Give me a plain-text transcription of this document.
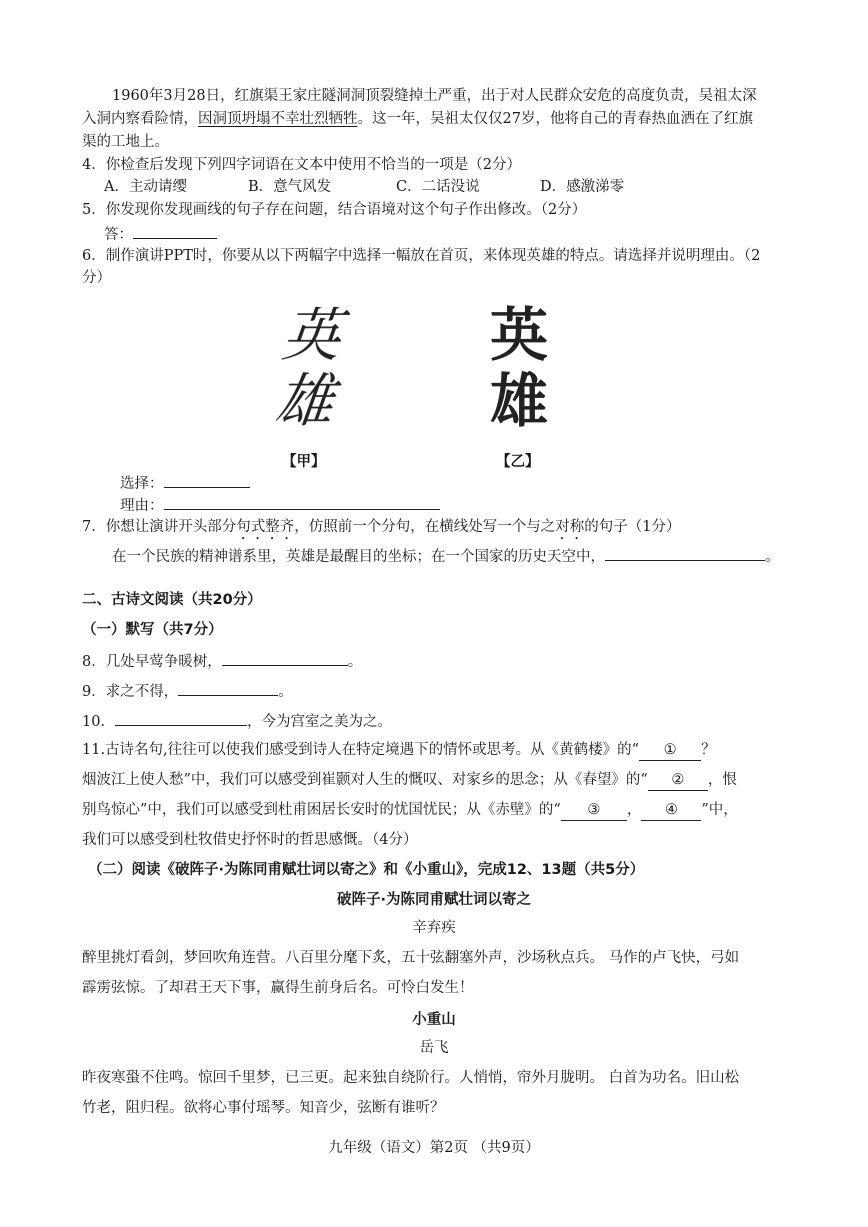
1960年3月28日，红旗渠王家庄隧洞洞顶裂缝掉土严重，出于对人民群众安危的高度负责，吴祖太深
入洞内察看险情，因洞顶坍塌不幸壮烈牺牲。这一年，吴祖太仅仅27岁，他将自己的青春热血洒在了红旗
渠的工地上。
4．你检查后发现下列四字词语在文本中使用不恰当的一项是（2分）
A．主动请缨	B．意气风发	C．二话没说	D．感激涕零
5．你发现你发现画线的句子存在问题，结合语境对这个句子作出修改。（2分）
答：
6．制作演讲PPT时，你要从以下两幅字中选择一幅放在首页，来体现英雄的特点。请选择并说明理由。（2
分）
英
雄
英
雄
【甲】	【乙】
选择：
理由：
7．你想让演讲开头部分句式整齐，仿照前一个分句，在横线处写一个与之对称的句子（1分）
在一个民族的精神谱系里，英雄是最醒目的坐标；在一个国家的历史天空中，	。
二、古诗文阅读（共20分）
（一）默写（共7分）
8．几处早莺争暖树，	。
9．求之不得，	。
10．	，今为宫室之美为之。
11.古诗名句,往往可以使我们感受到诗人在特定境遇下的情怀或思考。从《黄鹤楼》的“ ① ？
烟波江上使人愁”中，我们可以感受到崔颢对人生的慨叹、对家乡的思念；从《春望》的“ ② ，恨
别鸟惊心”中，我们可以感受到杜甫困居长安时的忧国忧民；从《赤壁》的“ ③ ， ④ ”中，
我们可以感受到杜牧借史抒怀时的哲思感慨。（4分）
（二）阅读《破阵子·为陈同甫赋壮词以寄之》和《小重山》，完成12、13题（共5分）
破阵子·为陈同甫赋壮词以寄之
辛弃疾
醉里挑灯看剑，梦回吹角连营。八百里分麾下炙，五十弦翻塞外声，沙场秋点兵。 马作的卢飞快，弓如
霹雳弦惊。了却君王天下事，赢得生前身后名。可怜白发生！
小重山
岳飞
昨夜寒蛩不住鸣。惊回千里梦，已三更。起来独自绕阶行。人悄悄，帘外月胧明。 白首为功名。旧山松
竹老，阻归程。欲将心事付瑶琴。知音少，弦断有谁听？
九年级（语文）第2页 （共9页）
